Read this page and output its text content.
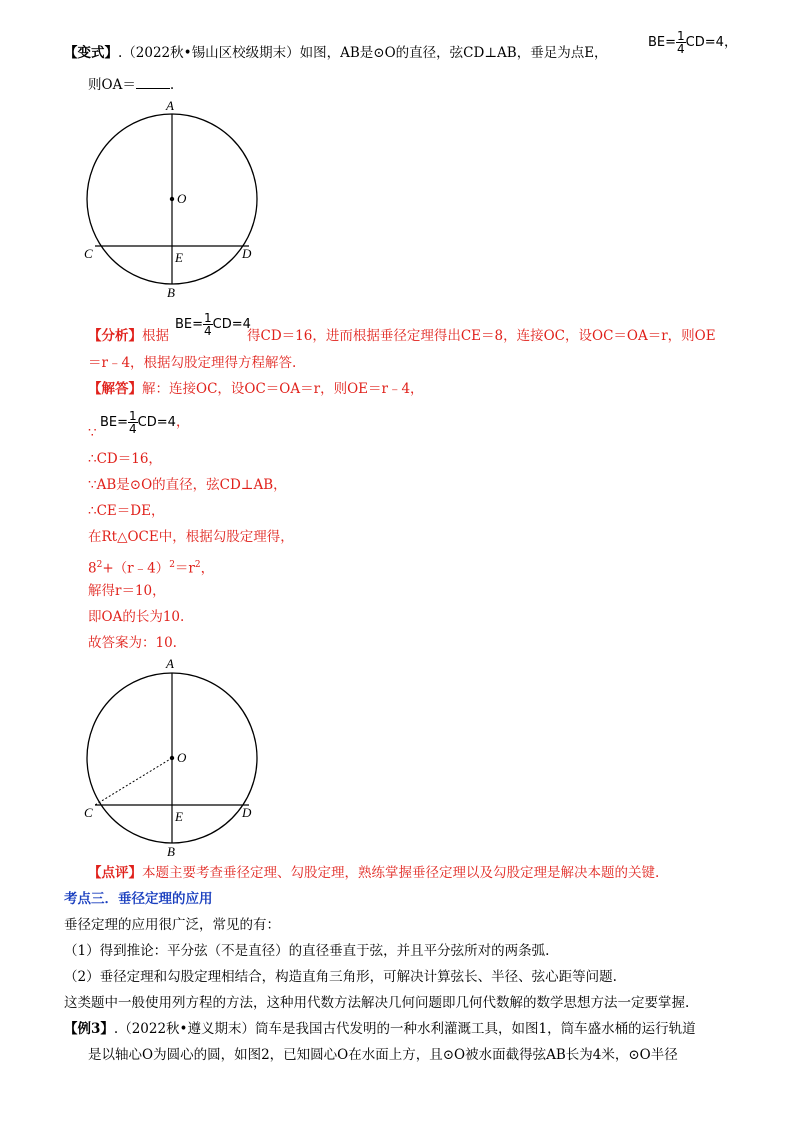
【变式】.（2022秋•锡山区校级期末）如图，AB是⊙O的直径，弦CD⊥AB，垂足为点E，
$BE= \frac{1}{4} CD=4$，
则OA＝	.
A
O
C	D
E
B
【分析】根据
$BE= \frac{1}{4} CD=4$
得CD＝16，进而根据垂径定理得出CE＝8，连接OC，设OC＝OA＝r，则OE
＝r﹣4，根据勾股定理得方程解答.
【解答】解：连接OC，设OC＝OA＝r，则OE＝r﹣4，
∵
$BE= \frac{1}{4} CD=4$，
∴CD＝16，
∵AB是⊙O的直径，弦CD⊥AB，
∴CE＝DE，
在Rt△OCE中，根据勾股定理得，
$8^2+(r﹣4)^2=r^2$，
解得r＝10，
即OA的长为10.
故答案为：10.
A
O
C	D
E
B
【点评】本题主要考查垂径定理、勾股定理，熟练掌握垂径定理以及勾股定理是解决本题的关键.
考点三．垂径定理的应用
垂径定理的应用很广泛，常见的有：
（1）得到推论：平分弦（不是直径）的直径垂直于弦，并且平分弦所对的两条弧.
（2）垂径定理和勾股定理相结合，构造直角三角形，可解决计算弦长、半径、弦心距等问题.
这类题中一般使用列方程的方法，这种用代数方法解决几何问题即几何代数解的数学思想方法一定要掌握.
【例3】.（2022秋•遵义期末）筒车是我国古代发明的一种水利灌溉工具，如图1，筒车盛水桶的运行轨道
是以轴心O为圆心的圆，如图2，已知圆心O在水面上方，且⊙O被水面截得弦AB长为4米，⊙O半径
